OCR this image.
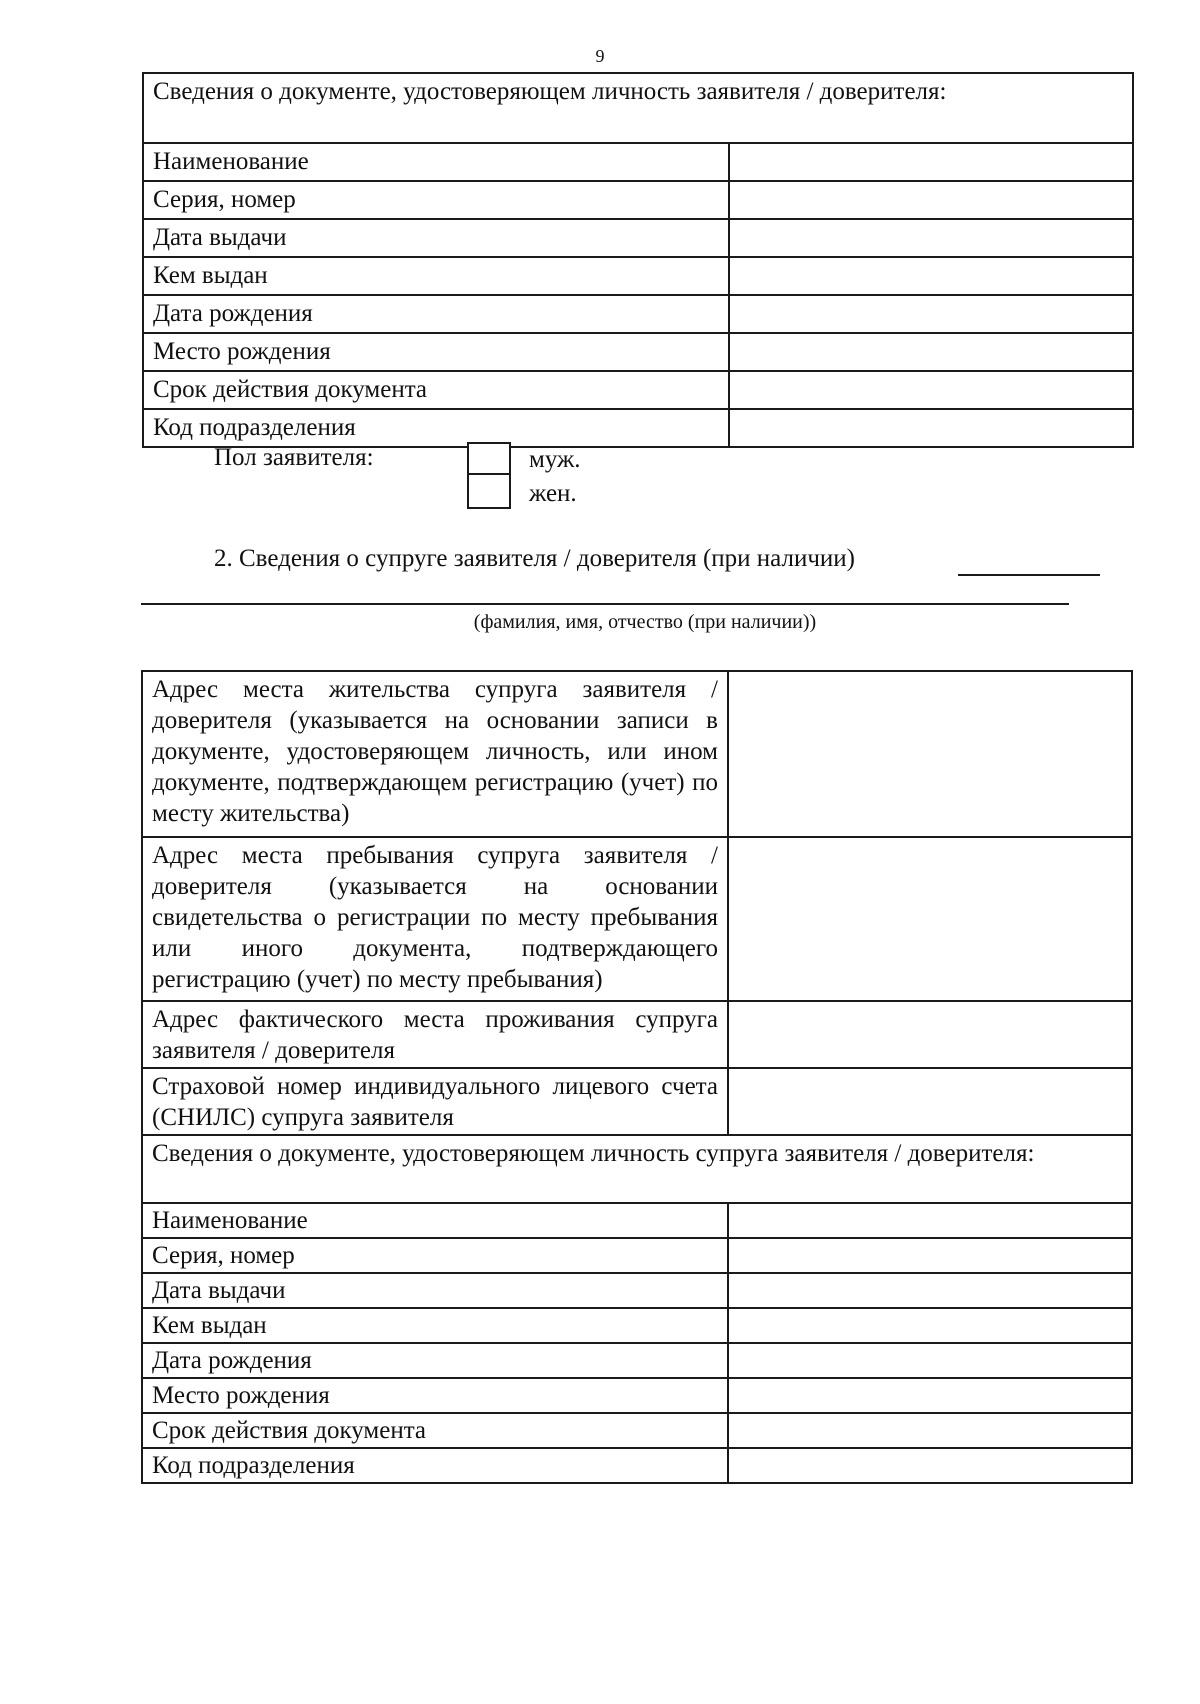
9
Сведения о документе, удостоверяющем личность заявителя / доверителя:	
Наименование	
Серия, номер	
Дата выдачи	
Кем выдан	
Дата рождения	
Место рождения	
Срок действия документа	
Код подразделения	
Пол заявителя:	муж.
жен.
2. Сведения о супруге заявителя / доверителя (при наличии)
(фамилия, имя, отчество (при наличии))
Адрес места жительства супруга заявителя / доверителя (указывается на основании записи в документе, удостоверяющем личность, или ином документе, подтверждающем регистрацию (учет) по месту жительства)	
Адрес места пребывания супруга заявителя / доверителя (указывается на основании свидетельства о регистрации по месту пребывания или иного документа, подтверждающего регистрацию (учет) по месту пребывания)	
Адрес фактического места проживания супруга заявителя / доверителя	
Страховой номер индивидуального лицевого счета (СНИЛС) супруга заявителя	
Сведения о документе, удостоверяющем личность супруга заявителя / доверителя:	
Наименование	
Серия, номер	
Дата выдачи	
Кем выдан	
Дата рождения	
Место рождения	
Срок действия документа	
Код подразделения	
